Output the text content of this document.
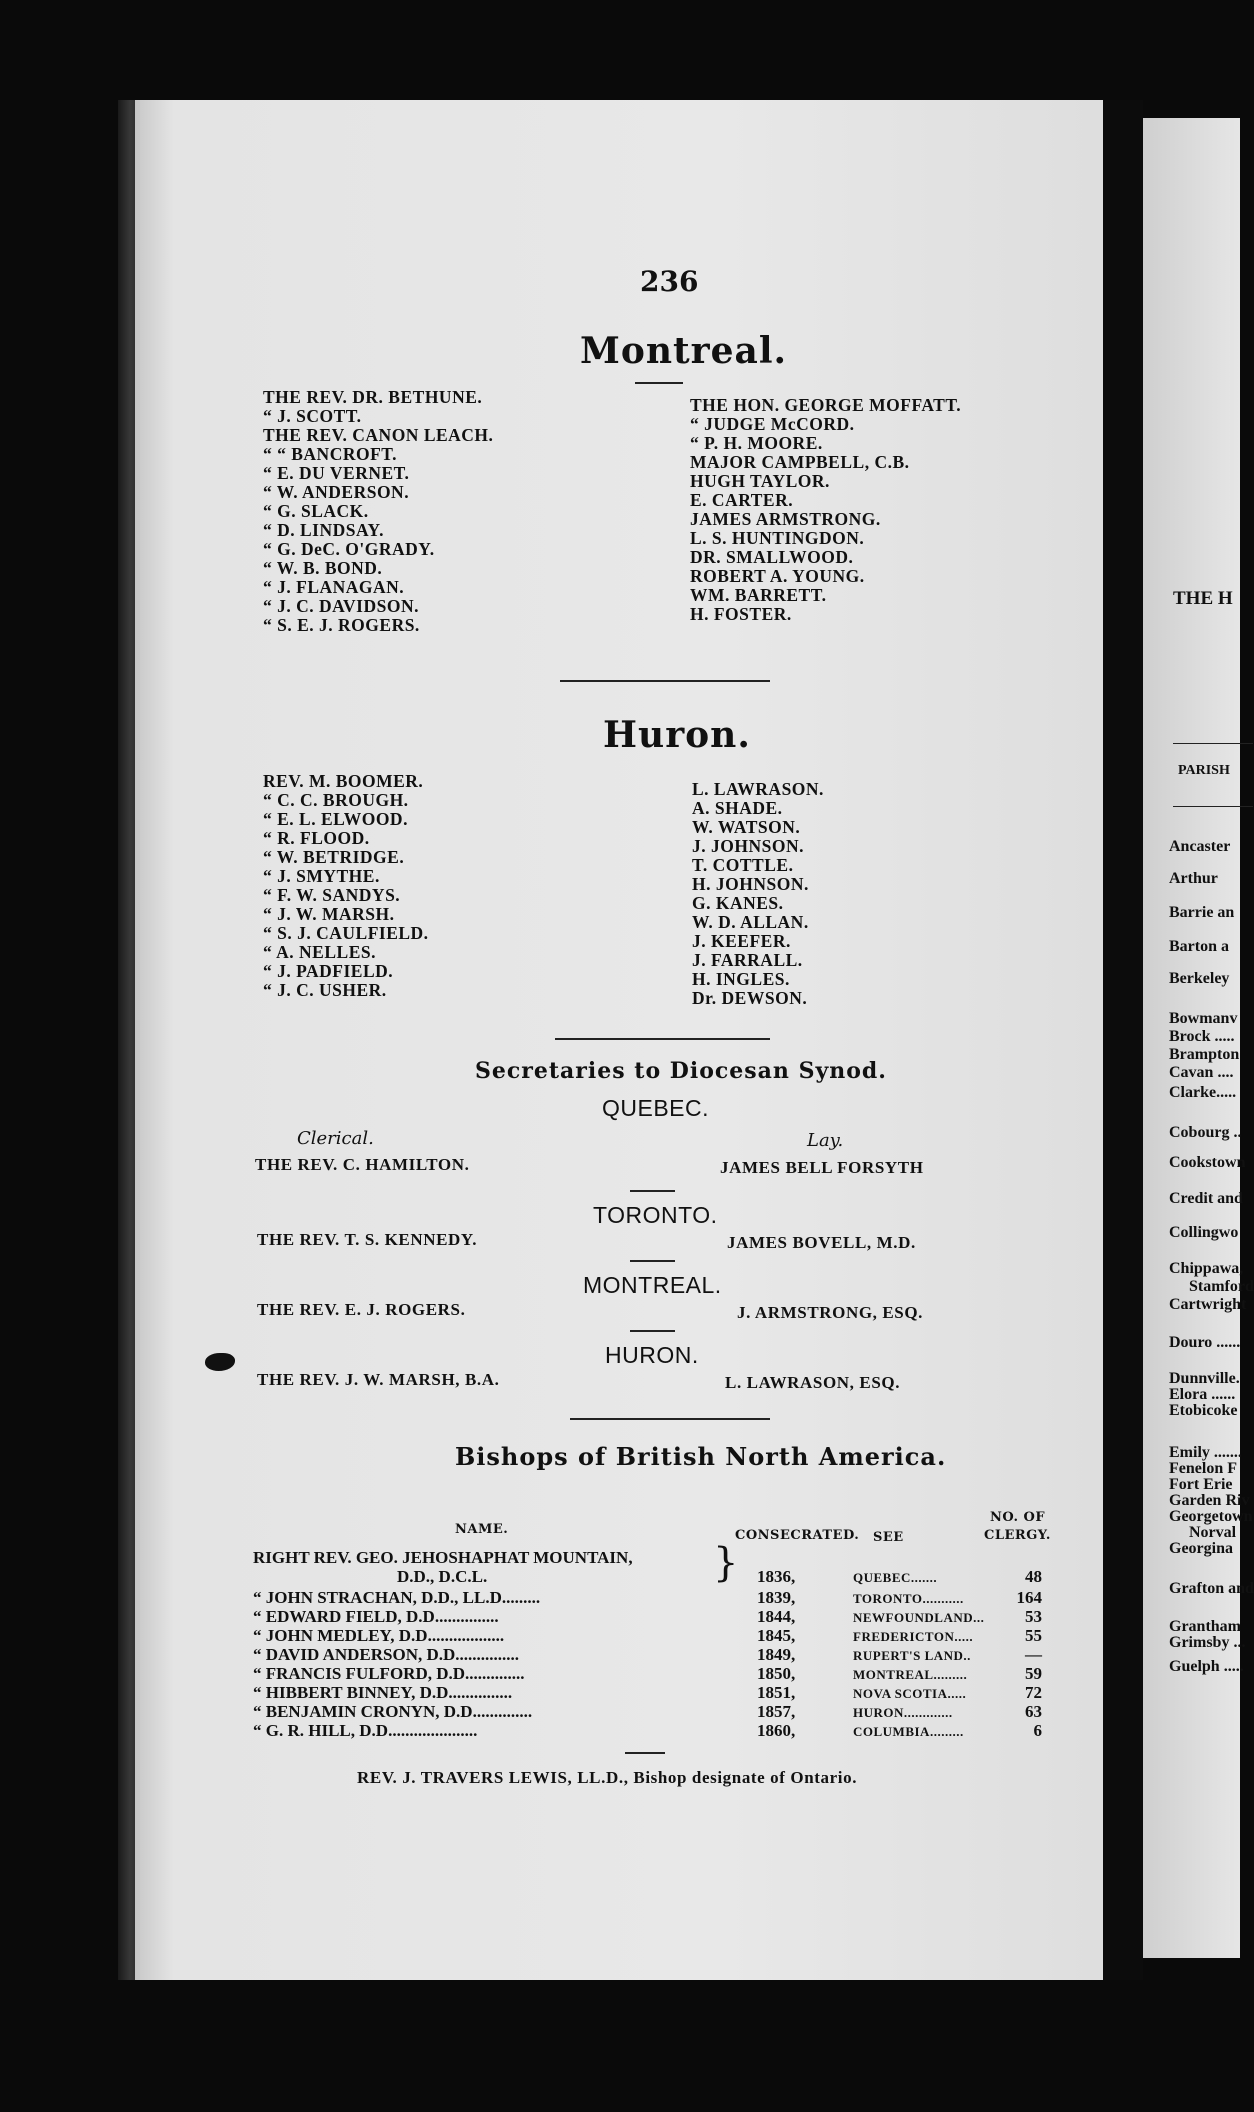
236
Montreal.
THE REV. DR. BETHUNE.
“ J. SCOTT.
THE REV. CANON LEACH.
“ “ BANCROFT.
“ E. DU VERNET.
“ W. ANDERSON.
“ G. SLACK.
“ D. LINDSAY.
“ G. DeC. O'GRADY.
“ W. B. BOND.
“ J. FLANAGAN.
“ J. C. DAVIDSON.
“ S. E. J. ROGERS.
THE HON. GEORGE MOFFATT.
“ JUDGE McCORD.
“ P. H. MOORE.
MAJOR CAMPBELL, C.B.
HUGH TAYLOR.
E. CARTER.
JAMES ARMSTRONG.
L. S. HUNTINGDON.
DR. SMALLWOOD.
ROBERT A. YOUNG.
WM. BARRETT.
H. FOSTER.
Huron.
REV. M. BOOMER.
“ C. C. BROUGH.
“ E. L. ELWOOD.
“ R. FLOOD.
“ W. BETRIDGE.
“ J. SMYTHE.
“ F. W. SANDYS.
“ J. W. MARSH.
“ S. J. CAULFIELD.
“ A. NELLES.
“ J. PADFIELD.
“ J. C. USHER.
L. LAWRASON.
A. SHADE.
W. WATSON.
J. JOHNSON.
T. COTTLE.
H. JOHNSON.
G. KANES.
W. D. ALLAN.
J. KEEFER.
J. FARRALL.
H. INGLES.
Dr. DEWSON.
Secretaries to Diocesan Synod.
Clerical.	Lay.
QUEBEC.
THE REV. C. HAMILTON.	JAMES BELL FORSYTH
TORONTO.
THE REV. T. S. KENNEDY.	JAMES BOVELL, M.D.
MONTREAL.
THE REV. E. J. ROGERS.	J. ARMSTRONG, ESQ.
HURON.
THE REV. J. W. MARSH, B.A.	L. LAWRASON, ESQ.
Bishops of British North America.
NAME.	CONSECRATED. SEE
NO. OF
CLERGY.
RIGHT REV. GEO. JEHOSHAPHAT MOUNTAIN,
D.D., D.C.L.	1836,	QUEBEC.......	48
“ JOHN STRACHAN, D.D., LL.D.........	1839,	TORONTO...........	164
“ EDWARD FIELD, D.D...............	1844,	NEWFOUNDLAND...	53
“ JOHN MEDLEY, D.D..................	1845,	FREDERICTON.....	55
“ DAVID ANDERSON, D.D...............	1849,	RUPERT'S LAND..	—
“ FRANCIS FULFORD, D.D..............	1850,	MONTREAL.........	59
“ HIBBERT BINNEY, D.D...............	1851,	NOVA SCOTIA.....	72
“ BENJAMIN CRONYN, D.D..............	1857,	HURON.............	63
“ G. R. HILL, D.D.....................	1860,	COLUMBIA.........	6
}
REV. J. TRAVERS LEWIS, LL.D., Bishop designate of Ontario.
THE H
PARISH
Ancaster
Arthur
Barrie an
Barton a
Berkeley
Bowmanv
Brock .....
Brampton
Cavan ....
Clarke.....
Cobourg ..
Cookstown
Credit and
Collingwo
Chippawa,
Stamford
Cartwright
Douro ......
Dunnville.
Elora ......
Etobicoke
Emily .......
Fenelon F
Fort Erie
Garden Riv
Georgetown
Norval
Georgina
Grafton and
Grantham
Grimsby ...
Guelph .....
